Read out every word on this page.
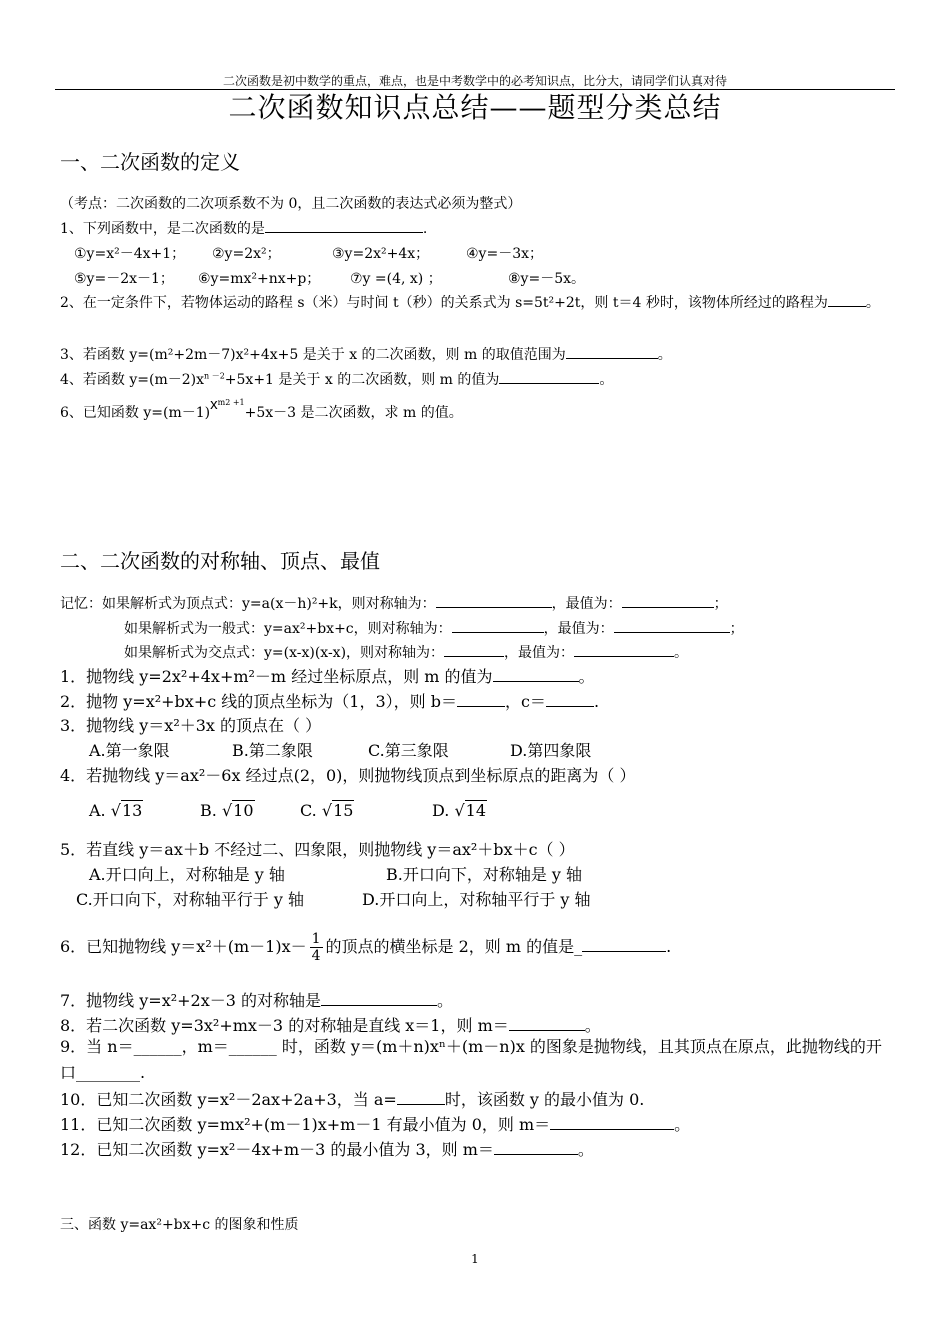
二次函数是初中数学的重点，难点，也是中考数学中的必考知识点，比分大，请同学们认真对待
二次函数知识点总结——题型分类总结
一、二次函数的定义
（考点：二次函数的二次项系数不为 0，且二次函数的表达式必须为整式）
1、下列函数中，是二次函数的是	.
①y=x²－4x+1； ②y=2x²；	③y=2x²+4x；	④y=－3x；
⑤y=－2x－1； ⑥y=mx²+nx+p； ⑦y =(4, x) ；	⑧y=－5x。
2、在一定条件下，若物体运动的路程 s（米）与时间 t（秒）的关系式为 s=5t²+2t，则 t＝4 秒时，该物体所经过的路程为	。
3、若函数 y=(m²+2m－7)x²+4x+5 是关于 x 的二次函数，则 m 的取值范围为	。
4、若函数 $y=(m-2)x^{n -2}+5x+1$ 是关于 x 的二次函数，则 m 的值为	。
6、已知函数 $y=(m-1)x^{m2 +1}+5x-3$ 是二次函数，求 m 的值。
二、二次函数的对称轴、顶点、最值
记忆：如果解析式为顶点式：y=a(x－h)²+k，则对称轴为：	，最值为：	；
如果解析式为一般式：y=ax²+bx+c，则对称轴为：	，最值为：	；
如果解析式为交点式：y=(x-x)(x-x)，则对称轴为：	，最值为：	。
1．抛物线 y=2x²+4x+m²－m 经过坐标原点，则 m 的值为	。
2．抛物 y=x²+bx+c 线的顶点坐标为（1，3），则 b＝	，c＝	.
3．抛物线 y＝x²＋3x 的顶点在（ ）
A.第一象限	B.第二象限	C.第三象限	D.第四象限
4．若抛物线 y＝ax²－6x 经过点(2，0)，则抛物线顶点到坐标原点的距离为（ ）
A. √13	B. √10	C. √15	D. √14
5．若直线 y＝ax＋b 不经过二、四象限，则抛物线 y＝ax²＋bx＋c（ ）
A.开口向上，对称轴是 y 轴	B.开口向下，对称轴是 y 轴
C.开口向下，对称轴平行于 y 轴	D.开口向上，对称轴平行于 y 轴
6．已知抛物线 $y=x^2+(m-1)x- \frac{1}{4}$ 的顶点的横坐标是 2，则 m 的值是_	.
7．抛物线 y=x²+2x－3 的对称轴是	。
8．若二次函数 y=3x²+mx－3 的对称轴是直线 x＝1，则 m＝	。
9．当 n＝______，m＝______ 时，函数 y＝(m＋n)xⁿ＋(m－n)x 的图象是抛物线，且其顶点在原点，此抛物线的开口________.
10．已知二次函数 y=x²－2ax+2a+3，当 a=	时，该函数 y 的最小值为 0.
11．已知二次函数 y=mx²+(m－1)x+m－1 有最小值为 0，则 m＝	。
12．已知二次函数 y=x²－4x+m－3 的最小值为 3，则 m＝	。
三、函数 y=ax²+bx+c 的图象和性质
1
